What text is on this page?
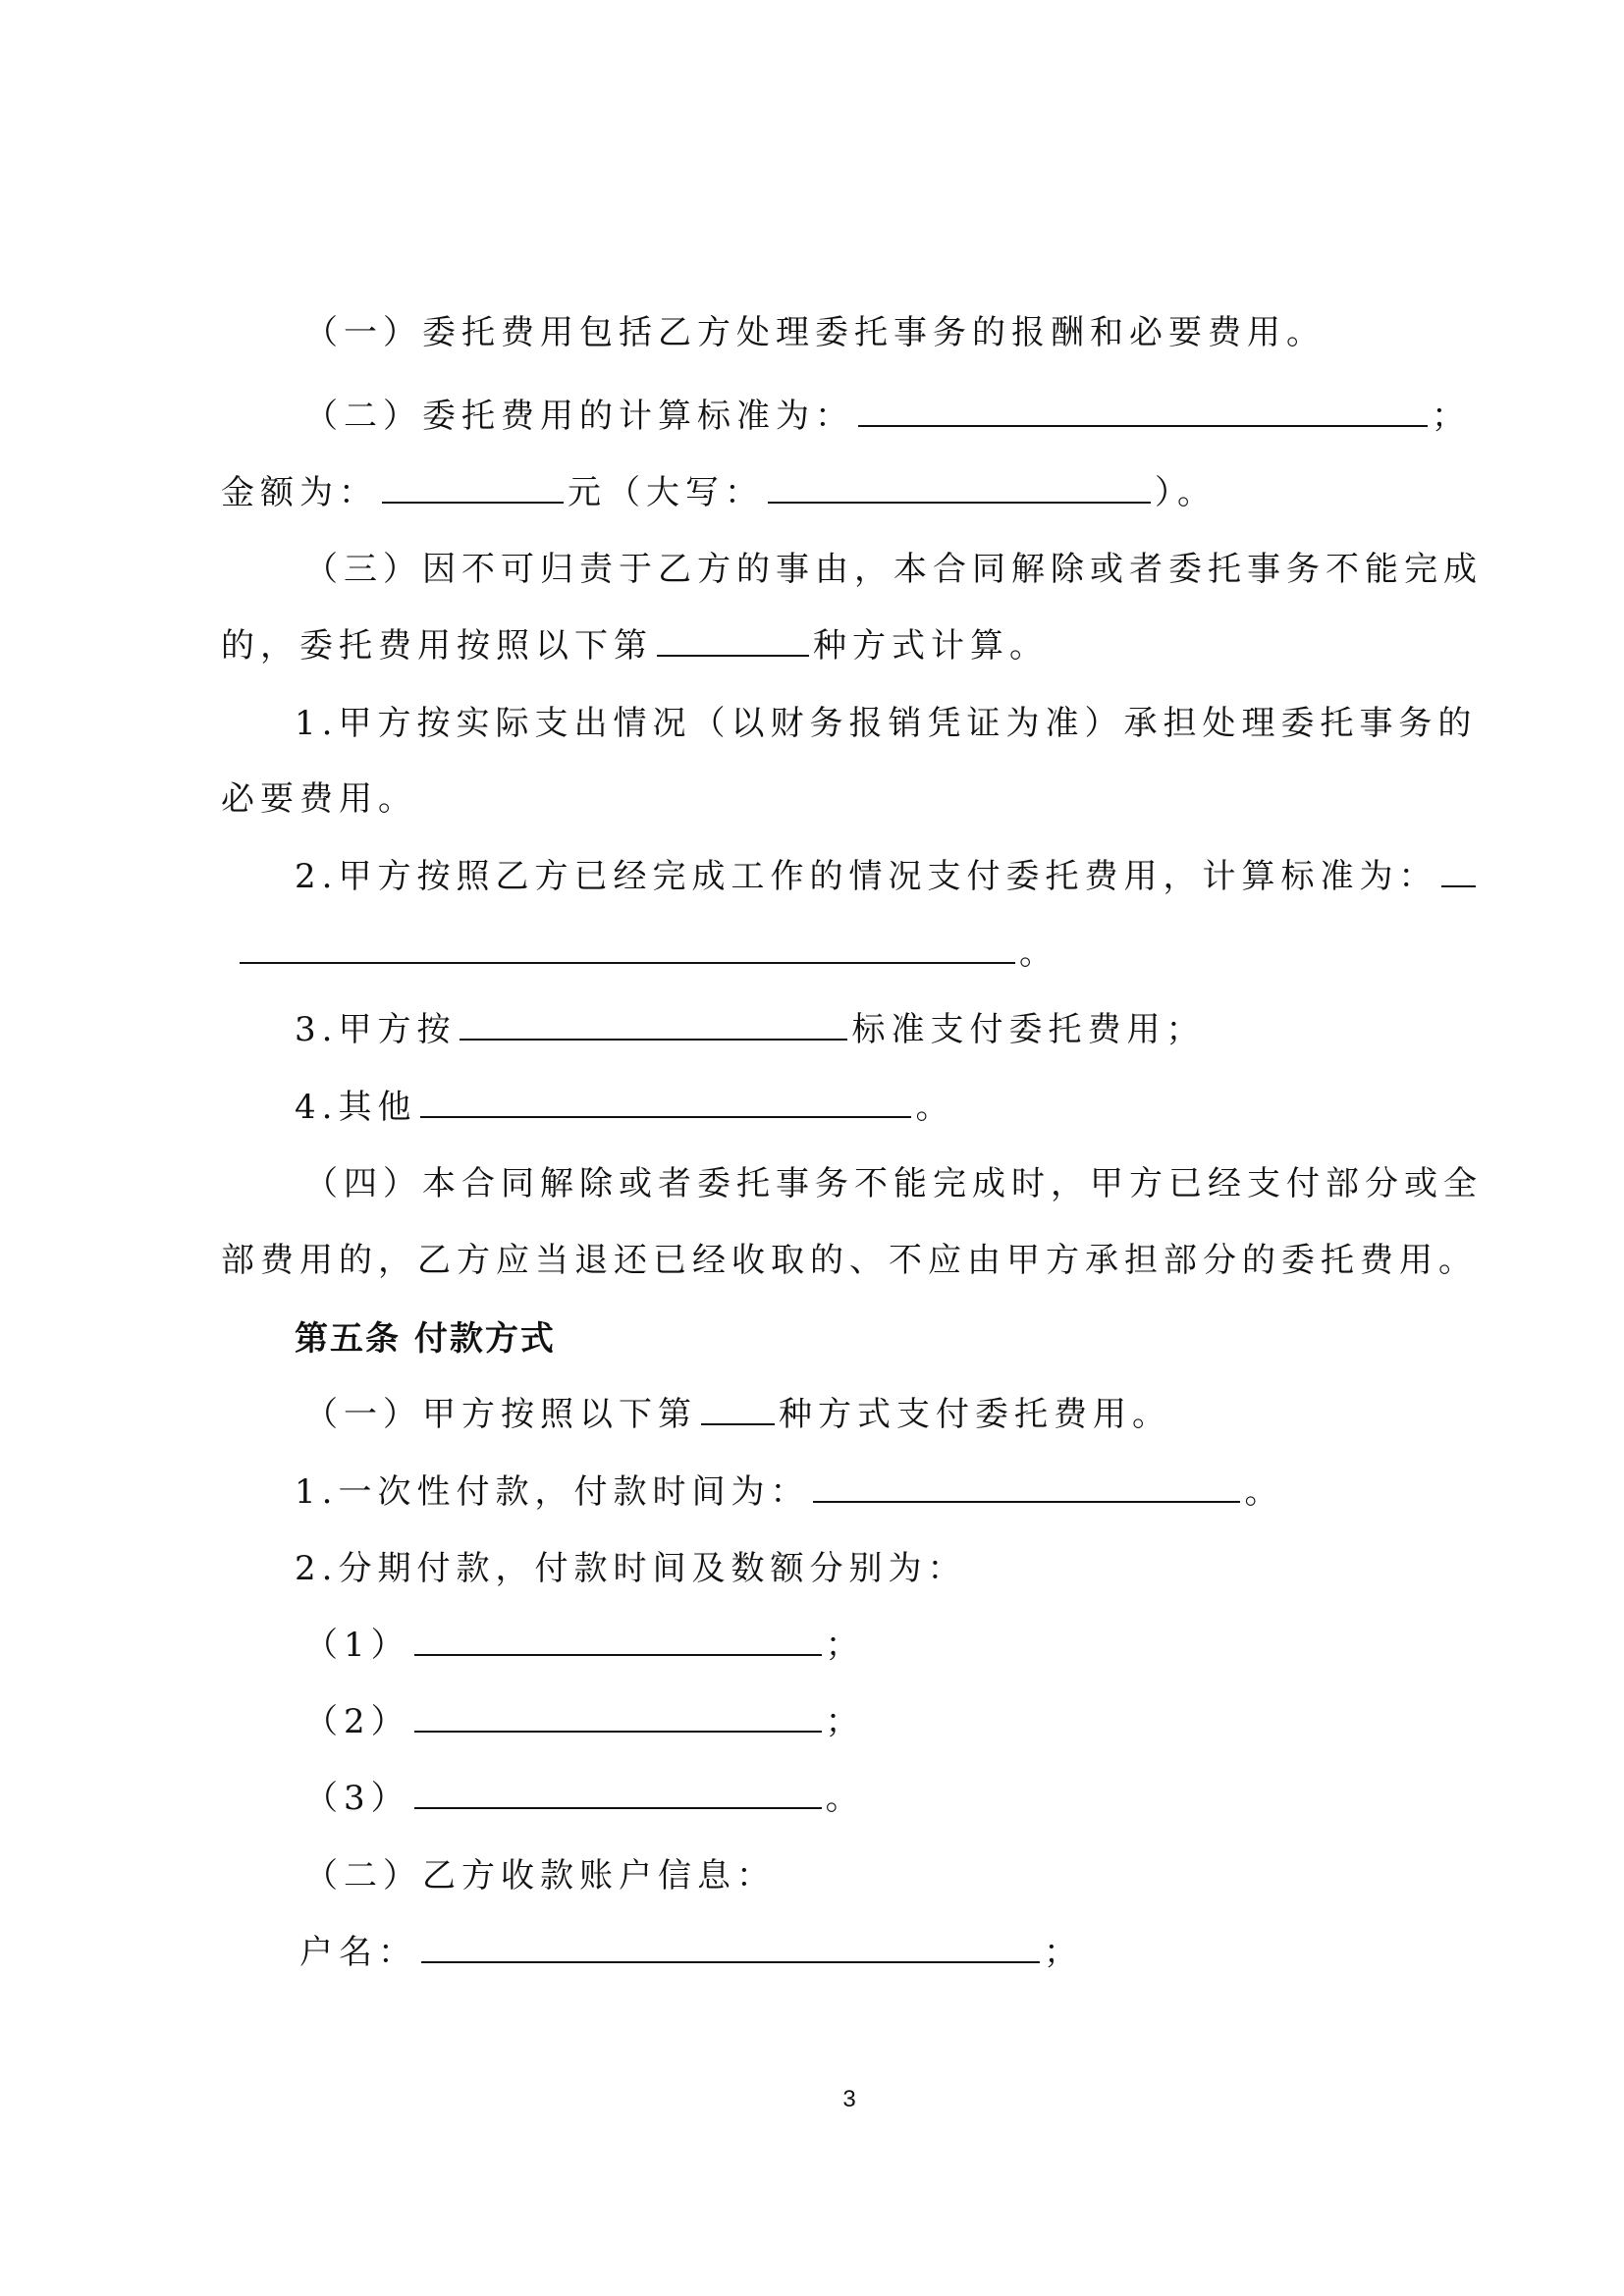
（一）委托费用包括乙方处理委托事务的报酬和必要费用。
（二）委托费用的计算标准为：	；
金额为：	元（大写：	）。
（三）因不可归责于乙方的事由，本合同解除或者委托事务不能完成
的，委托费用按照以下第	种方式计算。
1.甲方按实际支出情况（以财务报销凭证为准）承担处理委托事务的
必要费用。
2.甲方按照乙方已经完成工作的情况支付委托费用，计算标准为：
。
3.甲方按	标准支付委托费用；
4.其他	。
（四）本合同解除或者委托事务不能完成时，甲方已经支付部分或全
部费用的，乙方应当退还已经收取的、不应由甲方承担部分的委托费用。
第五条 付款方式
（一）甲方按照以下第 种方式支付委托费用。
1.一次性付款，付款时间为：	。
2.分期付款，付款时间及数额分别为：
（1）	；
（2）	；
（3）	。
（二）乙方收款账户信息：
户名：	；
3
